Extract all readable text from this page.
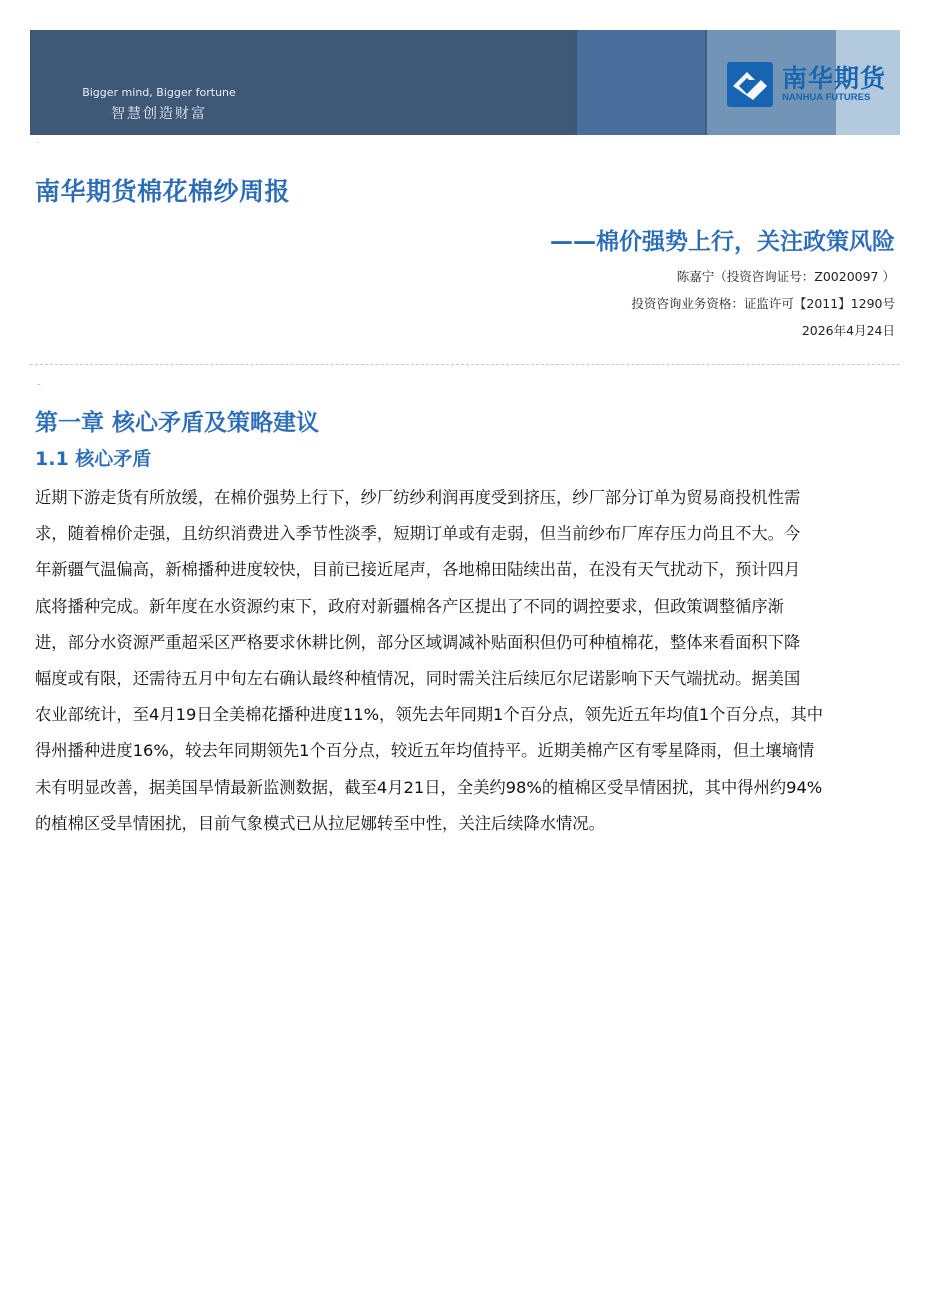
Bigger mind, Bigger fortune
智慧创造财富
南华期货
NANHUA FUTURES
·
南华期货棉花棉纱周报
——棉价强势上行，关注政策风险
陈嘉宁（投资咨询证号：Z0020097 ）
投资咨询业务资格：证监许可【2011】1290号
2026年4月24日
··
第一章 核心矛盾及策略建议
1.1 核心矛盾
近期下游走货有所放缓，在棉价强势上行下，纱厂纺纱利润再度受到挤压，纱厂部分订单为贸易商投机性需
求，随着棉价走强，且纺织消费进入季节性淡季，短期订单或有走弱，但当前纱布厂库存压力尚且不大。今
年新疆气温偏高，新棉播种进度较快，目前已接近尾声，各地棉田陆续出苗，在没有天气扰动下，预计四月
底将播种完成。新年度在水资源约束下，政府对新疆棉各产区提出了不同的调控要求，但政策调整循序渐
进，部分水资源严重超采区严格要求休耕比例，部分区域调减补贴面积但仍可种植棉花，整体来看面积下降
幅度或有限，还需待五月中旬左右确认最终种植情况，同时需关注后续厄尔尼诺影响下天气端扰动。据美国
农业部统计，至4月19日全美棉花播种进度11%，领先去年同期1个百分点，领先近五年均值1个百分点，其中
得州播种进度16%，较去年同期领先1个百分点，较近五年均值持平。近期美棉产区有零星降雨，但土壤墒情
未有明显改善，据美国旱情最新监测数据，截至4月21日，全美约98%的植棉区受旱情困扰，其中得州约94%
的植棉区受旱情困扰，目前气象模式已从拉尼娜转至中性，关注后续降水情况。
